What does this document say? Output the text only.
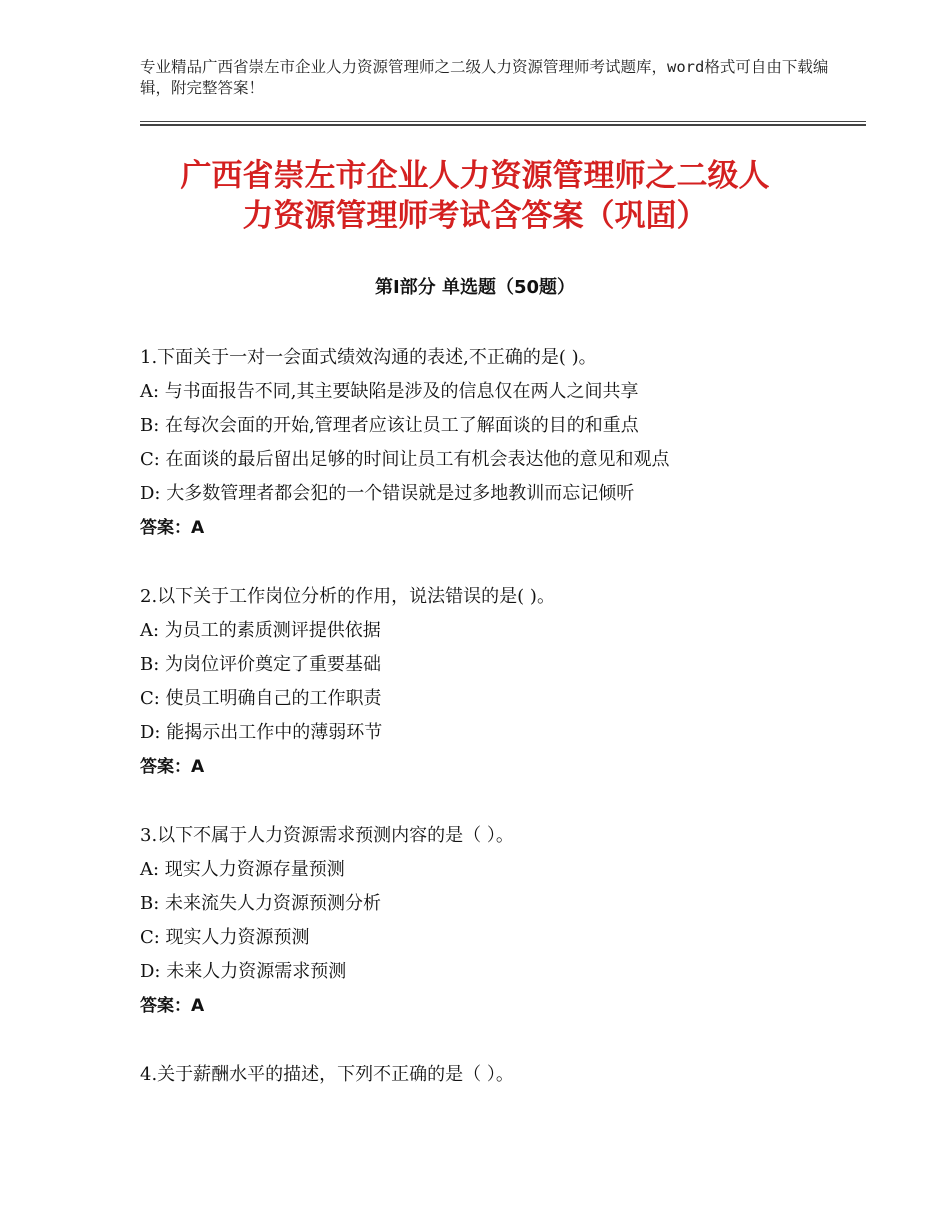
专业精品广西省崇左市企业人力资源管理师之二级人力资源管理师考试题库，word格式可自由下载编辑，附完整答案！
广西省崇左市企业人力资源管理师之二级人
力资源管理师考试含答案（巩固）
第Ⅰ部分 单选题（50题）
1.下面关于一对一会面式绩效沟通的表述,不正确的是( )。
A: 与书面报告不同,其主要缺陷是涉及的信息仅在两人之间共享
B: 在每次会面的开始,管理者应该让员工了解面谈的目的和重点
C: 在面谈的最后留出足够的时间让员工有机会表达他的意见和观点
D: 大多数管理者都会犯的一个错误就是过多地教训而忘记倾听
答案：A
2.以下关于工作岗位分析的作用，说法错误的是( )。
A: 为员工的素质测评提供依据
B: 为岗位评价奠定了重要基础
C: 使员工明确自己的工作职责
D: 能揭示出工作中的薄弱环节
答案：A
3.以下不属于人力资源需求预测内容的是（ ）。
A: 现实人力资源存量预测
B: 未来流失人力资源预测分析
C: 现实人力资源预测
D: 未来人力资源需求预测
答案：A
4.关于薪酬水平的描述，下列不正确的是（ ）。
